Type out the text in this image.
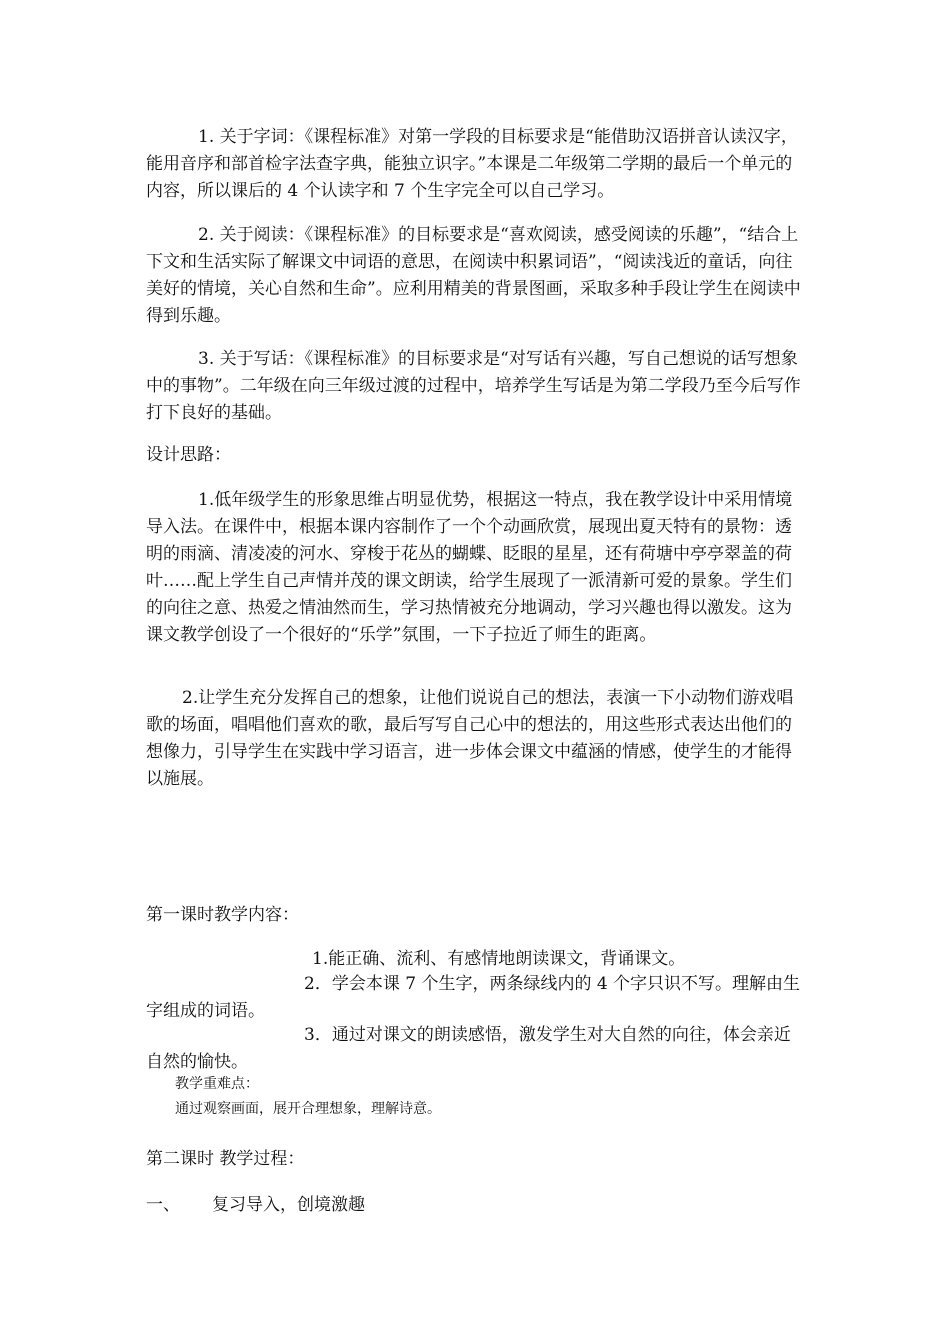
1. 关于字词：《课程标准》对第一学段的目标要求是“能借助汉语拼音认读汉字，能用音序和部首检字法查字典，能独立识字。”本课是二年级第二学期的最后一个单元的内容，所以课后的 4 个认读字和 7 个生字完全可以自己学习。

2. 关于阅读：《课程标准》的目标要求是“喜欢阅读，感受阅读的乐趣”，“结合上下文和生活实际了解课文中词语的意思，在阅读中积累词语”，“阅读浅近的童话，向往美好的情境，关心自然和生命”。应利用精美的背景图画，采取多种手段让学生在阅读中得到乐趣。

3. 关于写话：《课程标准》的目标要求是“对写话有兴趣，写自己想说的话写想象中的事物”。二年级在向三年级过渡的过程中，培养学生写话是为第二学段乃至今后写作打下良好的基础。

设计思路：

1.低年级学生的形象思维占明显优势，根据这一特点，我在教学设计中采用情境导入法。在课件中，根据本课内容制作了一个个动画欣赏，展现出夏天特有的景物：透明的雨滴、清凌凌的河水、穿梭于花丛的蝴蝶、眨眼的星星，还有荷塘中亭亭翠盖的荷叶……配上学生自己声情并茂的课文朗读，给学生展现了一派清新可爱的景象。学生们的向往之意、热爱之情油然而生，学习热情被充分地调动，学习兴趣也得以激发。这为课文教学创设了一个很好的“乐学”氛围，一下子拉近了师生的距离。

2.让学生充分发挥自己的想象，让他们说说自己的想法，表演一下小动物们游戏唱歌的场面，唱唱他们喜欢的歌，最后写写自己心中的想法的，用这些形式表达出他们的想像力，引导学生在实践中学习语言，进一步体会课文中蕴涵的情感，使学生的才能得以施展。

第一课时教学内容：

1.能正确、流利、有感情地朗读课文，背诵课文。

2．学会本课 7 个生字，两条绿线内的 4 个字只识不写。理解由生字组成的词语。

3．通过对课文的朗读感悟，激发学生对大自然的向往，体会亲近自然的愉快。

教学重难点：

通过观察画面，展开合理想象，理解诗意。

第二课时 教学过程：

一、 复习导入，创境激趣
